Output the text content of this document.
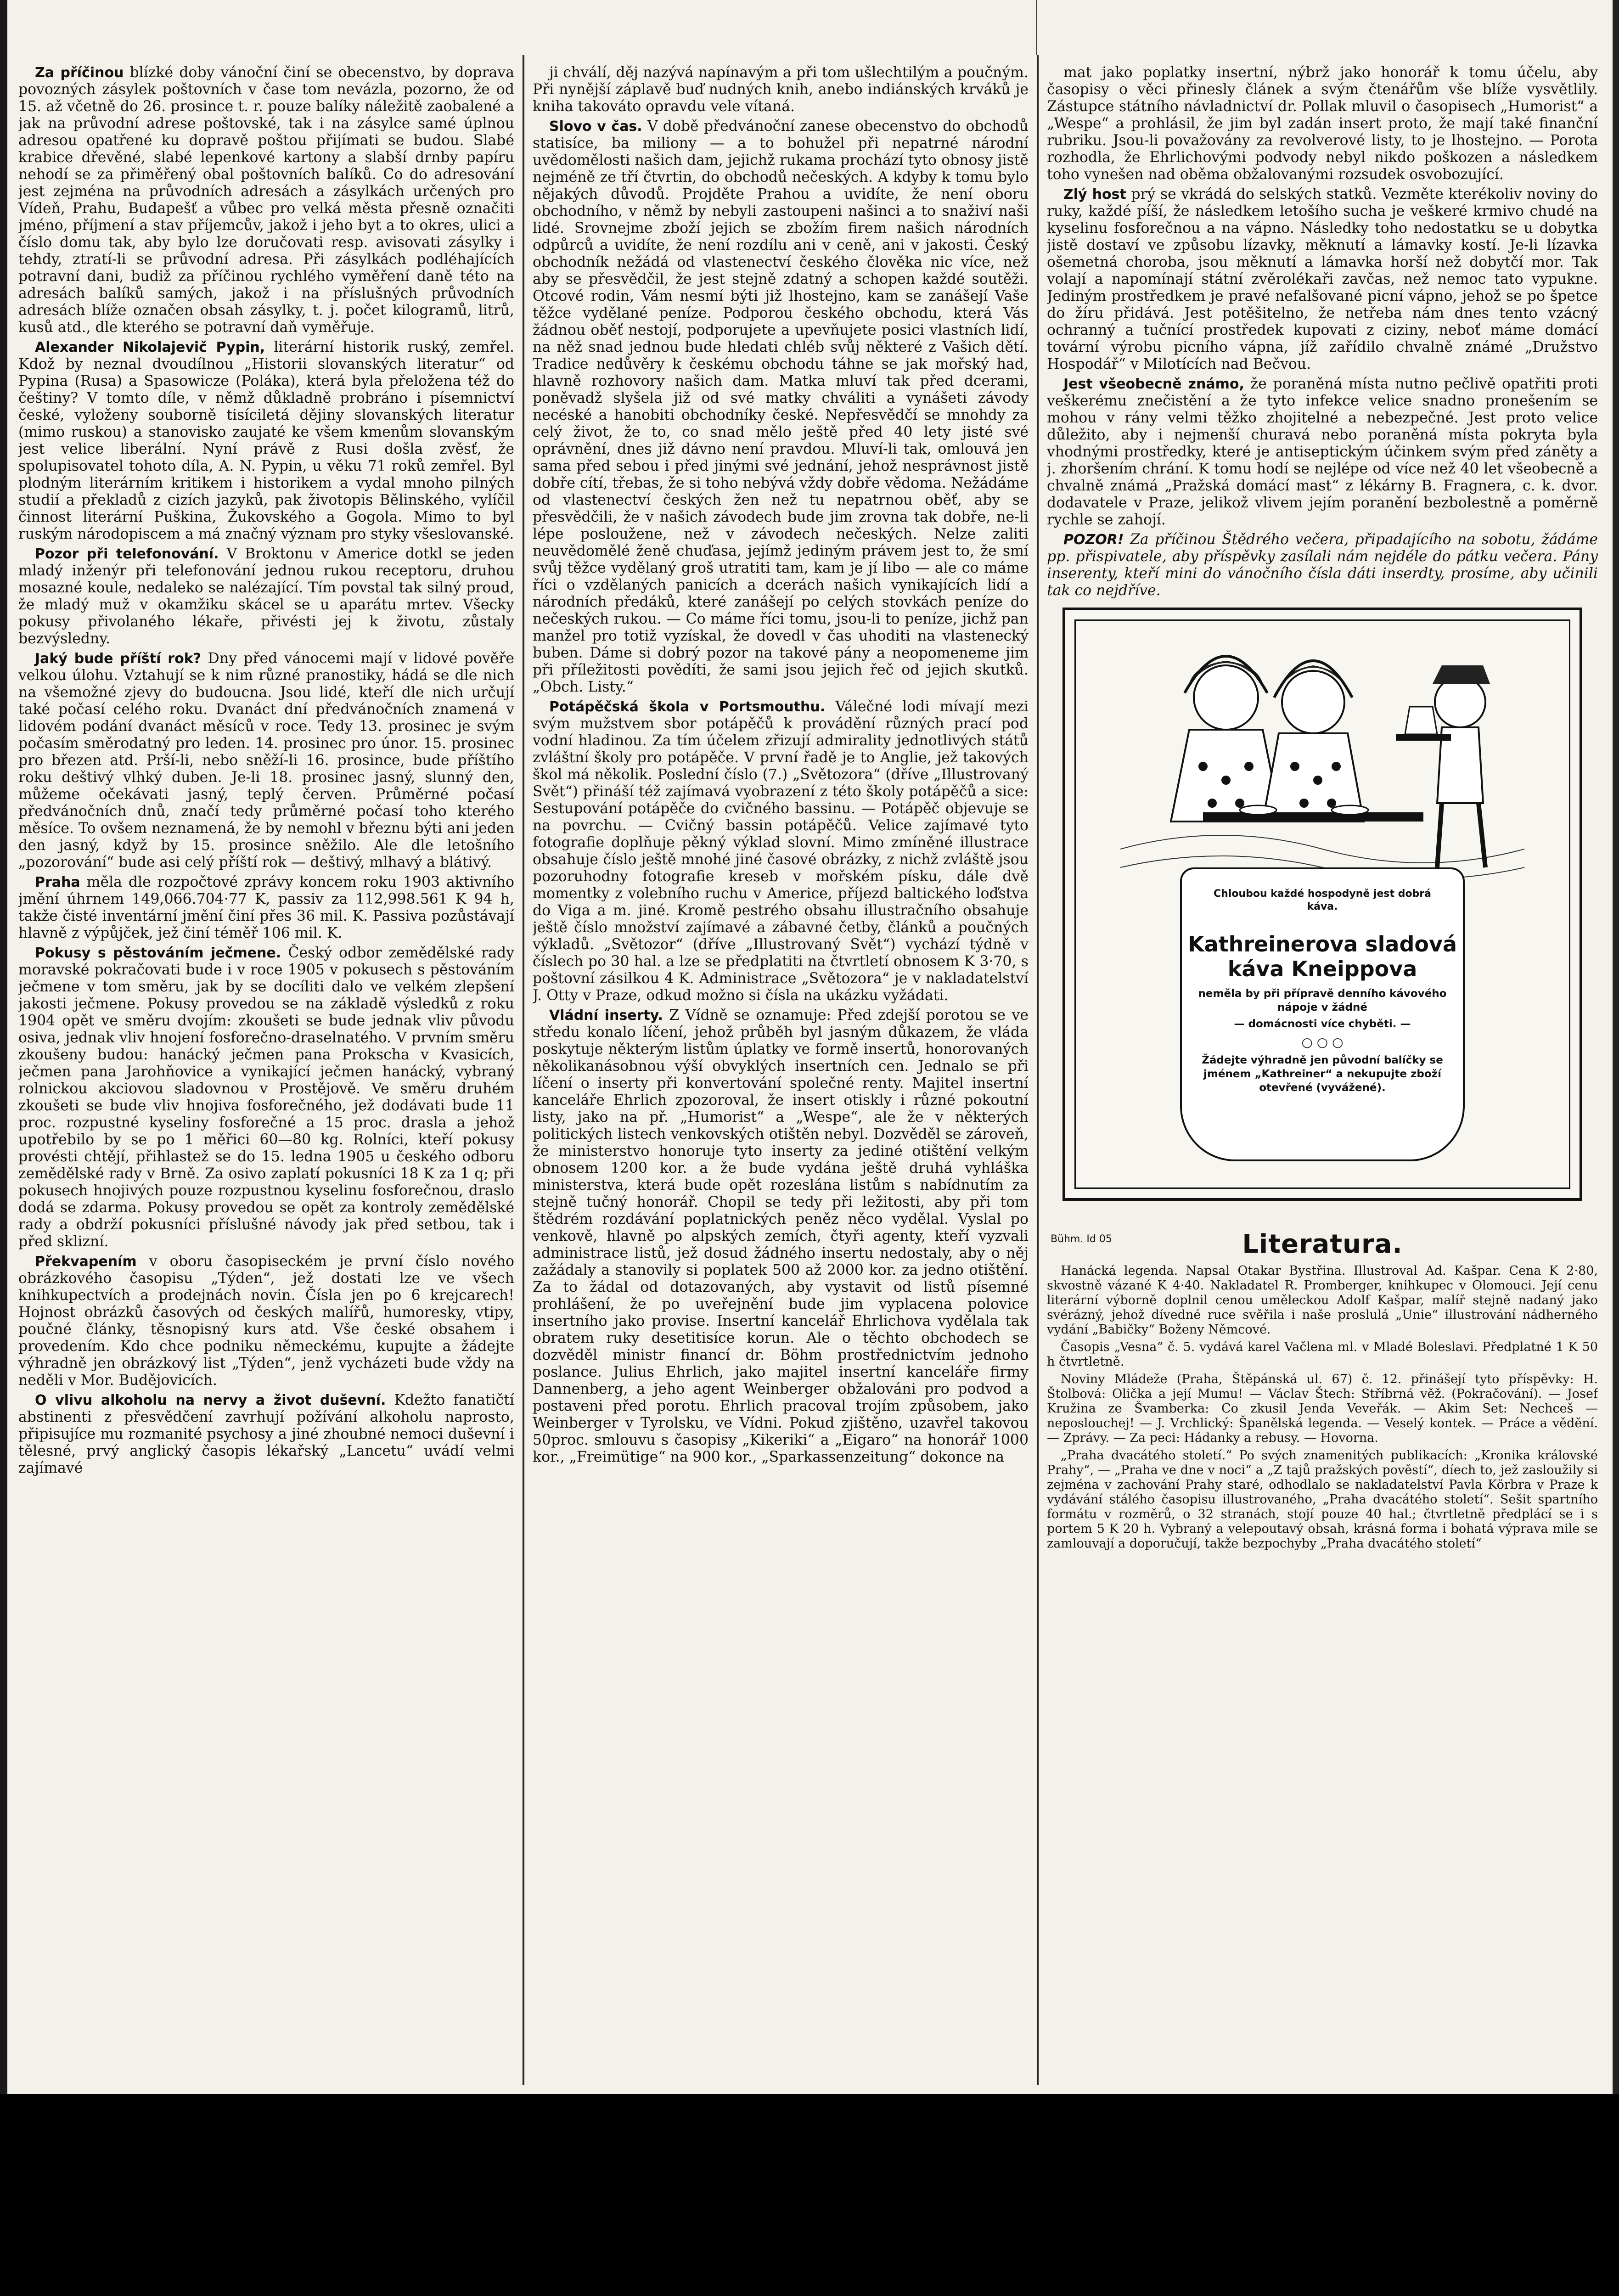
Za příčinou blízké doby vánoční činí se obecenstvo, by doprava povozných zásylek poštovních v čase tom nevázla, pozorno, že od 15. až včetně do 26. prosince t. r. pouze balíky náležitě zaobalené a jak na průvodní adrese poštovské, tak i na zásylce samé úplnou adresou opatřené ku dopravě poštou přijímati se budou. Slabé krabice dřevěné, slabé lepenkové kartony a slabší drnby papíru nehodí se za přiměřený obal poštovních balíků. Co do adresování jest zejména na průvodních adresách a zásylkách určených pro Vídeň, Prahu, Budapešť a vůbec pro velká města přesně označiti jméno, příjmení a stav příjemcův, jakož i jeho byt a to okres, ulici a číslo domu tak, aby bylo lze doručovati resp. avisovati zásylky i tehdy, ztratí-li se průvodní adresa. Při zásylkách podléhajících potravní dani, budiž za příčinou rychlého vyměření daně této na adresách balíků samých, jakož i na příslušných průvodních adresách blíže označen obsah zásylky, t. j. počet kilogramů, litrů, kusů atd., dle kterého se potravní daň vyměřuje.

Alexander Nikolajevič Pypin, literární historik ruský, zemřel. Kdož by neznal dvoudílnou „Historii slovanských literatur“ od Pypina (Rusa) a Spasowicze (Poláka), která byla přeložena též do češtiny? V tomto díle, v němž důkladně probráno i písemnictví české, vyloženy souborně tisíciletá dějiny slovanských literatur (mimo ruskou) a stanovisko zaujaté ke všem kmenům slovanským jest velice liberální. Nyní právě z Rusi došla zvěsť, že spolupisovatel tohoto díla, A. N. Pypin, u věku 71 roků zemřel. Byl plodným literárním kritikem i historikem a vydal mnoho pilných studií a překladů z cizích jazyků, pak životopis Bělinského, vylíčil činnost literární Puškina, Žukovského a Gogola. Mimo to byl ruským národopiscem a má značný význam pro styky všeslovanské.

Pozor při telefonování. V Broktonu v Americe dotkl se jeden mladý inženýr při telefonování jednou rukou receptoru, druhou mosazné koule, nedaleko se nalézající. Tím povstal tak silný proud, že mladý muž v okamžiku skácel se u aparátu mrtev. Všecky pokusy přivolaného lékaře, přivésti jej k životu, zůstaly bezvýsledny.

Jaký bude příští rok? Dny před vánocemi mají v lidové pověře velkou úlohu. Vztahují se k nim různé pranostiky, hádá se dle nich na všemožné zjevy do budoucna. Jsou lidé, kteří dle nich určují také počasí celého roku. Dvanáct dní předvánočních znamená v lidovém podání dvanáct měsíců v roce. Tedy 13. prosinec je svým počasím směrodatný pro leden. 14. prosinec pro únor. 15. prosinec pro březen atd. Prší-li, nebo sněží-li 16. prosince, bude příštího roku deštivý vlhký duben. Je-li 18. prosinec jasný, slunný den, můžeme očekávati jasný, teplý červen. Průměrné počasí předvánočních dnů, značí tedy průměrné počasí toho kterého měsíce. To ovšem neznamená, že by nemohl v březnu býti ani jeden den jasný, když by 15. prosince sněžilo. Ale dle letošního „pozorování“ bude asi celý příští rok — deštivý, mlhavý a blátivý.

Praha měla dle rozpočtové zprávy koncem roku 1903 aktivního jmění úhrnem 149,066.704·77 K, passiv za 112,998.561 K 94 h, takže čisté inventární jmění činí přes 36 mil. K. Passiva pozůstávají hlavně z výpůjček, jež činí téměř 106 mil. K.

Pokusy s pěstováním ječmene. Český odbor zemědělské rady moravské pokračovati bude i v roce 1905 v pokusech s pěstováním ječmene v tom směru, jak by se docíliti dalo ve velkém zlepšení jakosti ječmene. Pokusy provedou se na základě výsledků z roku 1904 opět ve směru dvojím: zkoušeti se bude jednak vliv původu osiva, jednak vliv hnojení fosforečno-draselnatého. V prvním směru zkoušeny budou: hanácký ječmen pana Prokscha v Kvasicích, ječmen pana Jarohňovice a vynikající ječmen hanácký, vybraný rolnickou akciovou sladovnou v Prostějově. Ve směru druhém zkoušeti se bude vliv hnojiva fosforečného, jež dodávati bude 11 proc. rozpustné kyseliny fosforečné a 15 proc. drasla a jehož upotřebilo by se po 1 měřici 60—80 kg. Rolníci, kteří pokusy provésti chtějí, přihlastež se do 15. ledna 1905 u českého odboru zemědělské rady v Brně. Za osivo zaplatí pokusníci 18 K za 1 q; při pokusech hnojivých pouze rozpustnou kyselinu fosforečnou, draslo dodá se zdarma. Pokusy provedou se opět za kontroly zemědělské rady a obdrží pokusníci příslušné návody jak před setbou, tak i před sklizní.

Překvapením v oboru časopiseckém je první číslo nového obrázkového časopisu „Týden“, jež dostati lze ve všech knihkupectvích a prodejnách novin. Čísla jen po 6 krejcarech! Hojnost obrázků časových od českých malířů, humoresky, vtipy, poučné články, těsnopisný kurs atd. Vše české obsahem i provedením. Kdo chce podniku německému, kupujte a žádejte výhradně jen obrázkový list „Týden“, jenž vycházeti bude vždy na neděli v Mor. Budějovicích.

O vlivu alkoholu na nervy a život duševní. Kdežto fanatičtí abstinenti z přesvědčení zavrhují požívání alkoholu naprosto, připisujíce mu rozmanité psychosy a jiné zhoubné nemoci duševní i tělesné, prvý anglický časopis lékařský „Lancetu“ uvádí velmi zajímavé

ji chválí, děj nazývá napínavým a při tom ušlechtilým a poučným. Při nynější záplavě buď nudných knih, anebo indiánských krváků je kniha takováto opravdu vele vítaná.

Slovo v čas. V době předvánoční zanese obecenstvo do obchodů statisíce, ba miliony — a to bohužel při nepatrné národní uvědomělosti našich dam, jejichž rukama prochází tyto obnosy jistě nejméně ze tří čtvrtin, do obchodů nečeských. A kdyby k tomu bylo nějakých důvodů. Projděte Prahou a uvidíte, že není oboru obchodního, v němž by nebyli zastoupeni našinci a to snaživí naši lidé. Srovnejme zboží jejich se zbožím firem našich národních odpůrců a uvidíte, že není rozdílu ani v ceně, ani v jakosti. Český obchodník nežádá od vlastenectví českého člověka nic více, než aby se přesvědčil, že jest stejně zdatný a schopen každé soutěži. Otcové rodin, Vám nesmí býti již lhostejno, kam se zanášejí Vaše těžce vydělané peníze. Podporou českého obchodu, která Vás žádnou oběť nestojí, podporujete a upevňujete posici vlastních lidí, na něž snad jednou bude hledati chléb svůj některé z Vašich dětí. Tradice nedůvěry k českému obchodu táhne se jak mořský had, hlavně rozhovory našich dam. Matka mluví tak před dcerami, poněvadž slyšela již od své matky chváliti a vynášeti závody necéské a hanobiti obchodníky české. Nepřesvědčí se mnohdy za celý život, že to, co snad mělo ještě před 40 lety jisté své oprávnění, dnes již dávno není pravdou. Mluví-li tak, omlouvá jen sama před sebou i před jinými své jednání, jehož nesprávnost jistě dobře cítí, třebas, že si toho nebývá vždy dobře vědoma. Nežádáme od vlastenectví českých žen než tu nepatrnou oběť, aby se přesvědčili, že v našich závodech bude jim zrovna tak dobře, ne-li lépe posloužene, než v závodech nečeských. Nelze zaliti neuvědomělé ženě chuďasa, jejímž jediným právem jest to, že smí svůj těžce vydělaný groš utratiti tam, kam je jí libo — ale co máme říci o vzdělaných panicích a dcerách našich vynikajících lidí a národních předáků, které zanášejí po celých stovkách peníze do nečeských rukou. — Co máme říci tomu, jsou-li to peníze, jichž pan manžel pro totiž vyzískal, že dovedl v čas uhoditi na vlastenecký buben. Dáme si dobrý pozor na takové pány a neopomeneme jim při příležitosti povědíti, že sami jsou jejich řeč od jejich skutků. „Obch. Listy.“

Potápěčská škola v Portsmouthu. Válečné lodi mívají mezi svým mužstvem sbor potápěčů k provádění různých prací pod vodní hladinou. Za tím účelem zřizují admirality jednotlivých států zvláštní školy pro potápěče. V první řadě je to Anglie, jež takových škol má několik. Poslední číslo (7.) „Světozora“ (dříve „Illustrovaný Svět“) přináší též zajímavá vyobrazení z této školy potápěčů a sice: Sestupování potápěče do cvičného bassinu. — Potápěč objevuje se na povrchu. — Cvičný bassin potápěčů. Velice zajímavé tyto fotografie doplňuje pěkný výklad slovní. Mimo zmíněné illustrace obsahuje číslo ještě mnohé jiné časové obrázky, z nichž zvláště jsou pozoruhodny fotografie kreseb v mořském písku, dále dvě momentky z volebního ruchu v Americe, příjezd baltického loďstva do Viga a m. jiné. Kromě pestrého obsahu illustračního obsahuje ještě číslo množství zajímavé a zábavné četby, článků a poučných výkladů. „Světozor“ (dříve „Illustrovaný Svět“) vychází týdně v číslech po 30 hal. a lze se předplatiti na čtvrtletí obnosem K 3·70, s poštovní zásilkou 4 K. Administrace „Světozora“ je v nakladatelství J. Otty v Praze, odkud možno si čísla na ukázku vyžádati.

Vládní inserty. Z Vídně se oznamuje: Před zdejší porotou se ve středu konalo líčení, jehož průběh byl jasným důkazem, že vláda poskytuje některým listům úplatky ve formě insertů, honorovaných několikanásobnou výší obvyklých insertních cen. Jednalo se při líčení o inserty při konvertování společné renty. Majitel insertní kanceláře Ehrlich zpozoroval, že insert otiskly i různé pokoutní listy, jako na př. „Humorist“ a „Wespe“, ale že v některých politických listech venkovských otištěn nebyl. Dozvěděl se zároveň, že ministerstvo honoruje tyto inserty za jediné otištění velkým obnosem 1200 kor. a že bude vydána ještě druhá vyhláška ministerstva, která bude opět rozeslána listům s nabídnutím za stejně tučný honorář. Chopil se tedy při ležitosti, aby při tom štědrém rozdávání poplatnických peněz něco vydělal. Vyslal po venkově, hlavně po alpských zemích, čtyři agenty, kteří vyzvali administrace listů, jež dosud žádného insertu nedostaly, aby o něj zažádaly a stanovily si poplatek 500 až 2000 kor. za jedno otištění. Za to žádal od dotazovaných, aby vystavit od listů písemné prohlášení, že po uveřejnění bude jim vyplacena polovice insertního jako provise. Insertní kancelář Ehrlichova vydělala tak obratem ruky desetitisíce korun. Ale o těchto obchodech se dozvěděl ministr financí dr. Böhm prostřednictvím jednoho poslance. Julius Ehrlich, jako majitel insertní kanceláře firmy Dannenberg, a jeho agent Weinberger obžalováni pro podvod a postaveni před porotu. Ehrlich pracoval trojím způsobem, jako Weinberger v Tyrolsku, ve Vídni. Pokud zjištěno, uzavřel takovou 50proc. smlouvu s časopisy „Kikeriki“ a „Eigaro“ na honorář 1000 kor., „Freimütige“ na 900 kor., „Sparkassenzeitung“ dokonce na

mat jako poplatky insertní, nýbrž jako honorář k tomu účelu, aby časopisy o věci přinesly článek a svým čtenářům vše blíže vysvětlily. Zástupce státního návladnictví dr. Pollak mluvil o časopisech „Humorist“ a „Wespe“ a prohlásil, že jim byl zadán insert proto, že mají také finanční rubriku. Jsou-li považovány za revolverové listy, to je lhostejno. — Porota rozhodla, že Ehrlichovými podvody nebyl nikdo poškozen a následkem toho vynešen nad oběma obžalovanými rozsudek osvobozující.

Zlý host prý se vkrádá do selských statků. Vezměte kterékoliv noviny do ruky, každé píší, že následkem letošího sucha je veškeré krmivo chudé na kyselinu fosforečnou a na vápno. Následky toho nedostatku se u dobytka jistě dostaví ve způsobu lízavky, měknutí a lámavky kostí. Je-li lízavka ošemetná choroba, jsou měknutí a lámavka horší než dobytčí mor. Tak volají a napomínají státní zvěrolékaři zavčas, než nemoc tato vypukne. Jediným prostředkem je pravé nefalšované picní vápno, jehož se po špetce do žíru přidává. Jest potěšitelno, že netřeba nám dnes tento vzácný ochranný a tučnící prostředek kupovati z ciziny, neboť máme domácí tovární výrobu picního vápna, jíž zařídilo chvalně známé „Družstvo Hospodář“ v Milotících nad Bečvou.

Jest všeobecně známo, že poraněná místa nutno pečlivě opatřiti proti veškerému znečistění a že tyto infekce velice snadno pronešením se mohou v rány velmi těžko zhojitelné a nebezpečné. Jest proto velice důležito, aby i nejmenší churavá nebo poraněná místa pokryta byla vhodnými prostředky, které je antiseptickým účinkem svým před záněty a j. zhoršením chrání. K tomu hodí se nejlépe od více než 40 let všeobecně a chvalně známá „Pražská domácí mast“ z lékárny B. Fragnera, c. k. dvor. dodavatele v Praze, jelikož vlivem jejím poranění bezbolestně a poměrně rychle se zahojí.

POZOR! Za příčinou Štědrého večera, připadajícího na sobotu, žádáme pp. přispivatele, aby příspěvky zasílali nám nejdéle do pátku večera. Pány inserenty, kteří mini do vánočního čísla dáti inserdty, prosíme, aby učinili tak co nejdříve.

Chloubou každé hospodyně jest dobrá káva.

Kathreinerova sladová káva Kneippova

neměla by při přípravě denního kávového nápoje v žádné

— domácnosti více chyběti. —

○ ○ ○

Žádejte výhradně jen původní balíčky se jménem „Kathreiner“ a nekupujte zboží otevřené (vyvážené).

Bühm. Id 05	Literatura.

Hanácká legenda. Napsal Otakar Bystřina. Illustroval Ad. Kašpar. Cena K 2·80, skvostně vázané K 4·40. Nakladatel R. Promberger, knihkupec v Olomouci. Její cenu literární výborně doplnil cenou uměleckou Adolf Kašpar, malíř stejně nadaný jako svérázný, jehož dívedné ruce svěřila i naše proslulá „Unie“ illustrování nádherného vydání „Babičky“ Boženy Němcové.

Časopis „Vesna“ č. 5. vydává karel Vačlena ml. v Mladé Boleslavi. Předplatné 1 K 50 h čtvrtletně.

Noviny Mládeže (Praha, Štěpánská ul. 67) č. 12. přinášejí tyto příspěvky: H. Štolbová: Olička a její Mumu! — Václav Štech: Stříbrná věž. (Pokračování). — Josef Kružina ze Švamberka: Co zkusil Jenda Veveřák. — Akim Set: Nechceš — neposlouchej! — J. Vrchlický: Španělská legenda. — Veselý kontek. — Práce a vědění. — Zprávy. — Za peci: Hádanky a rebusy. — Hovorna.

„Praha dvacátého století.“ Po svých znamenitých publikacích: „Kronika královské Prahy“, — „Praha ve dne v noci“ a „Z tajů pražských pověstí“, díech to, jež zasloužily si zejména v zachování Prahy staré, odhodlalo se nakladatelství Pavla Körbra v Praze k vydávání stálého časopisu illustrovaného, „Praha dvacátého století“. Sešit spartního formátu v rozměrů, o 32 stranách, stojí pouze 40 hal.; čtvrtletně předplácí se i s portem 5 K 20 h. Vybraný a velepoutavý obsah, krásná forma i bohatá výprava mile se zamlouvají a doporučují, takže bezpochyby „Praha dvacátého století“
